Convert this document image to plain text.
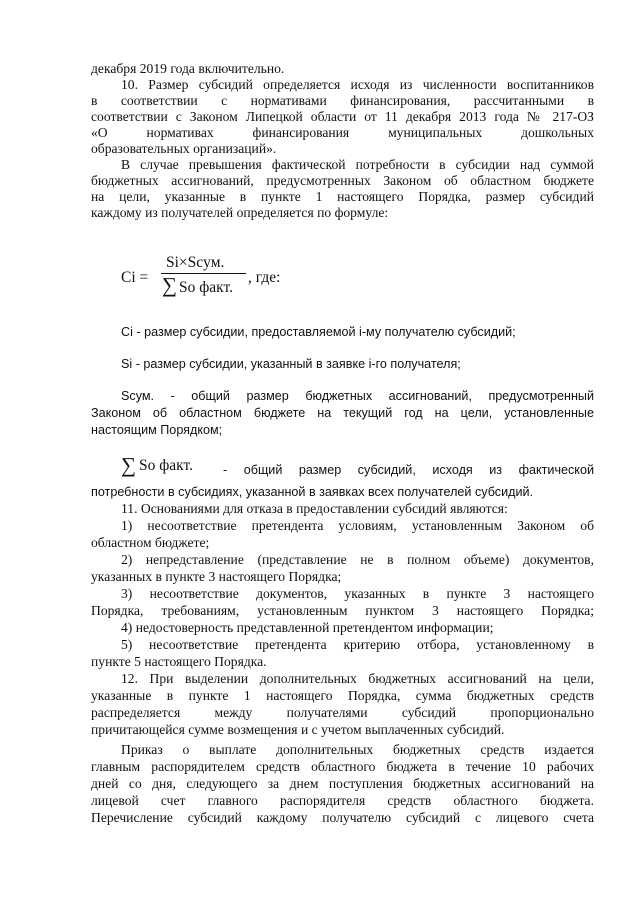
декабря 2019 года включительно.
10. Размер субсидий определяется исходя из численности воспитанников
в соответствии с нормативами финансирования, рассчитанными в
соответствии с Законом Липецкой области от 11 декабря 2013 года № 217-ОЗ
«О нормативах финансирования муниципальных дошкольных
образовательных организаций».
В случае превышения фактической потребности в субсидии над суммой
бюджетных ассигнований, предусмотренных Законом об областном бюджете
на цели, указанные в пункте 1 настоящего Порядка, размер субсидий
каждому из получателей определяется по формуле:
Ci =
Si×Scум.
∑ So факт.
, где:
Ci - размер субсидии, предоставляемой i-му получателю субсидий;
Si - размер субсидии, указанный в заявке i-го получателя;
Scум. - общий размер бюджетных ассигнований, предусмотренный
Законом об областном бюджете на текущий год на цели, установленные
настоящим Порядком;
∑ So факт. - общий размер субсидий, исходя из фактической
потребности в субсидиях, указанной в заявках всех получателей субсидий.
11. Основаниями для отказа в предоставлении субсидий являются:
1) несоответствие претендента условиям, установленным Законом об
областном бюджете;
2) непредставление (представление не в полном объеме) документов,
указанных в пункте 3 настоящего Порядка;
3) несоответствие документов, указанных в пункте 3 настоящего
Порядка, требованиям, установленным пунктом 3 настоящего Порядка;
4) недостоверность представленной претендентом информации;
5) несоответствие претендента критерию отбора, установленному в
пункте 5 настоящего Порядка.
12. При выделении дополнительных бюджетных ассигнований на цели,
указанные в пункте 1 настоящего Порядка, сумма бюджетных средств
распределяется между получателями субсидий пропорционально
причитающейся сумме возмещения и с учетом выплаченных субсидий.
Приказ о выплате дополнительных бюджетных средств издается
главным распорядителем средств областного бюджета в течение 10 рабочих
дней со дня, следующего за днем поступления бюджетных ассигнований на
лицевой счет главного распорядителя средств областного бюджета.
Перечисление субсидий каждому получателю субсидий с лицевого счета
